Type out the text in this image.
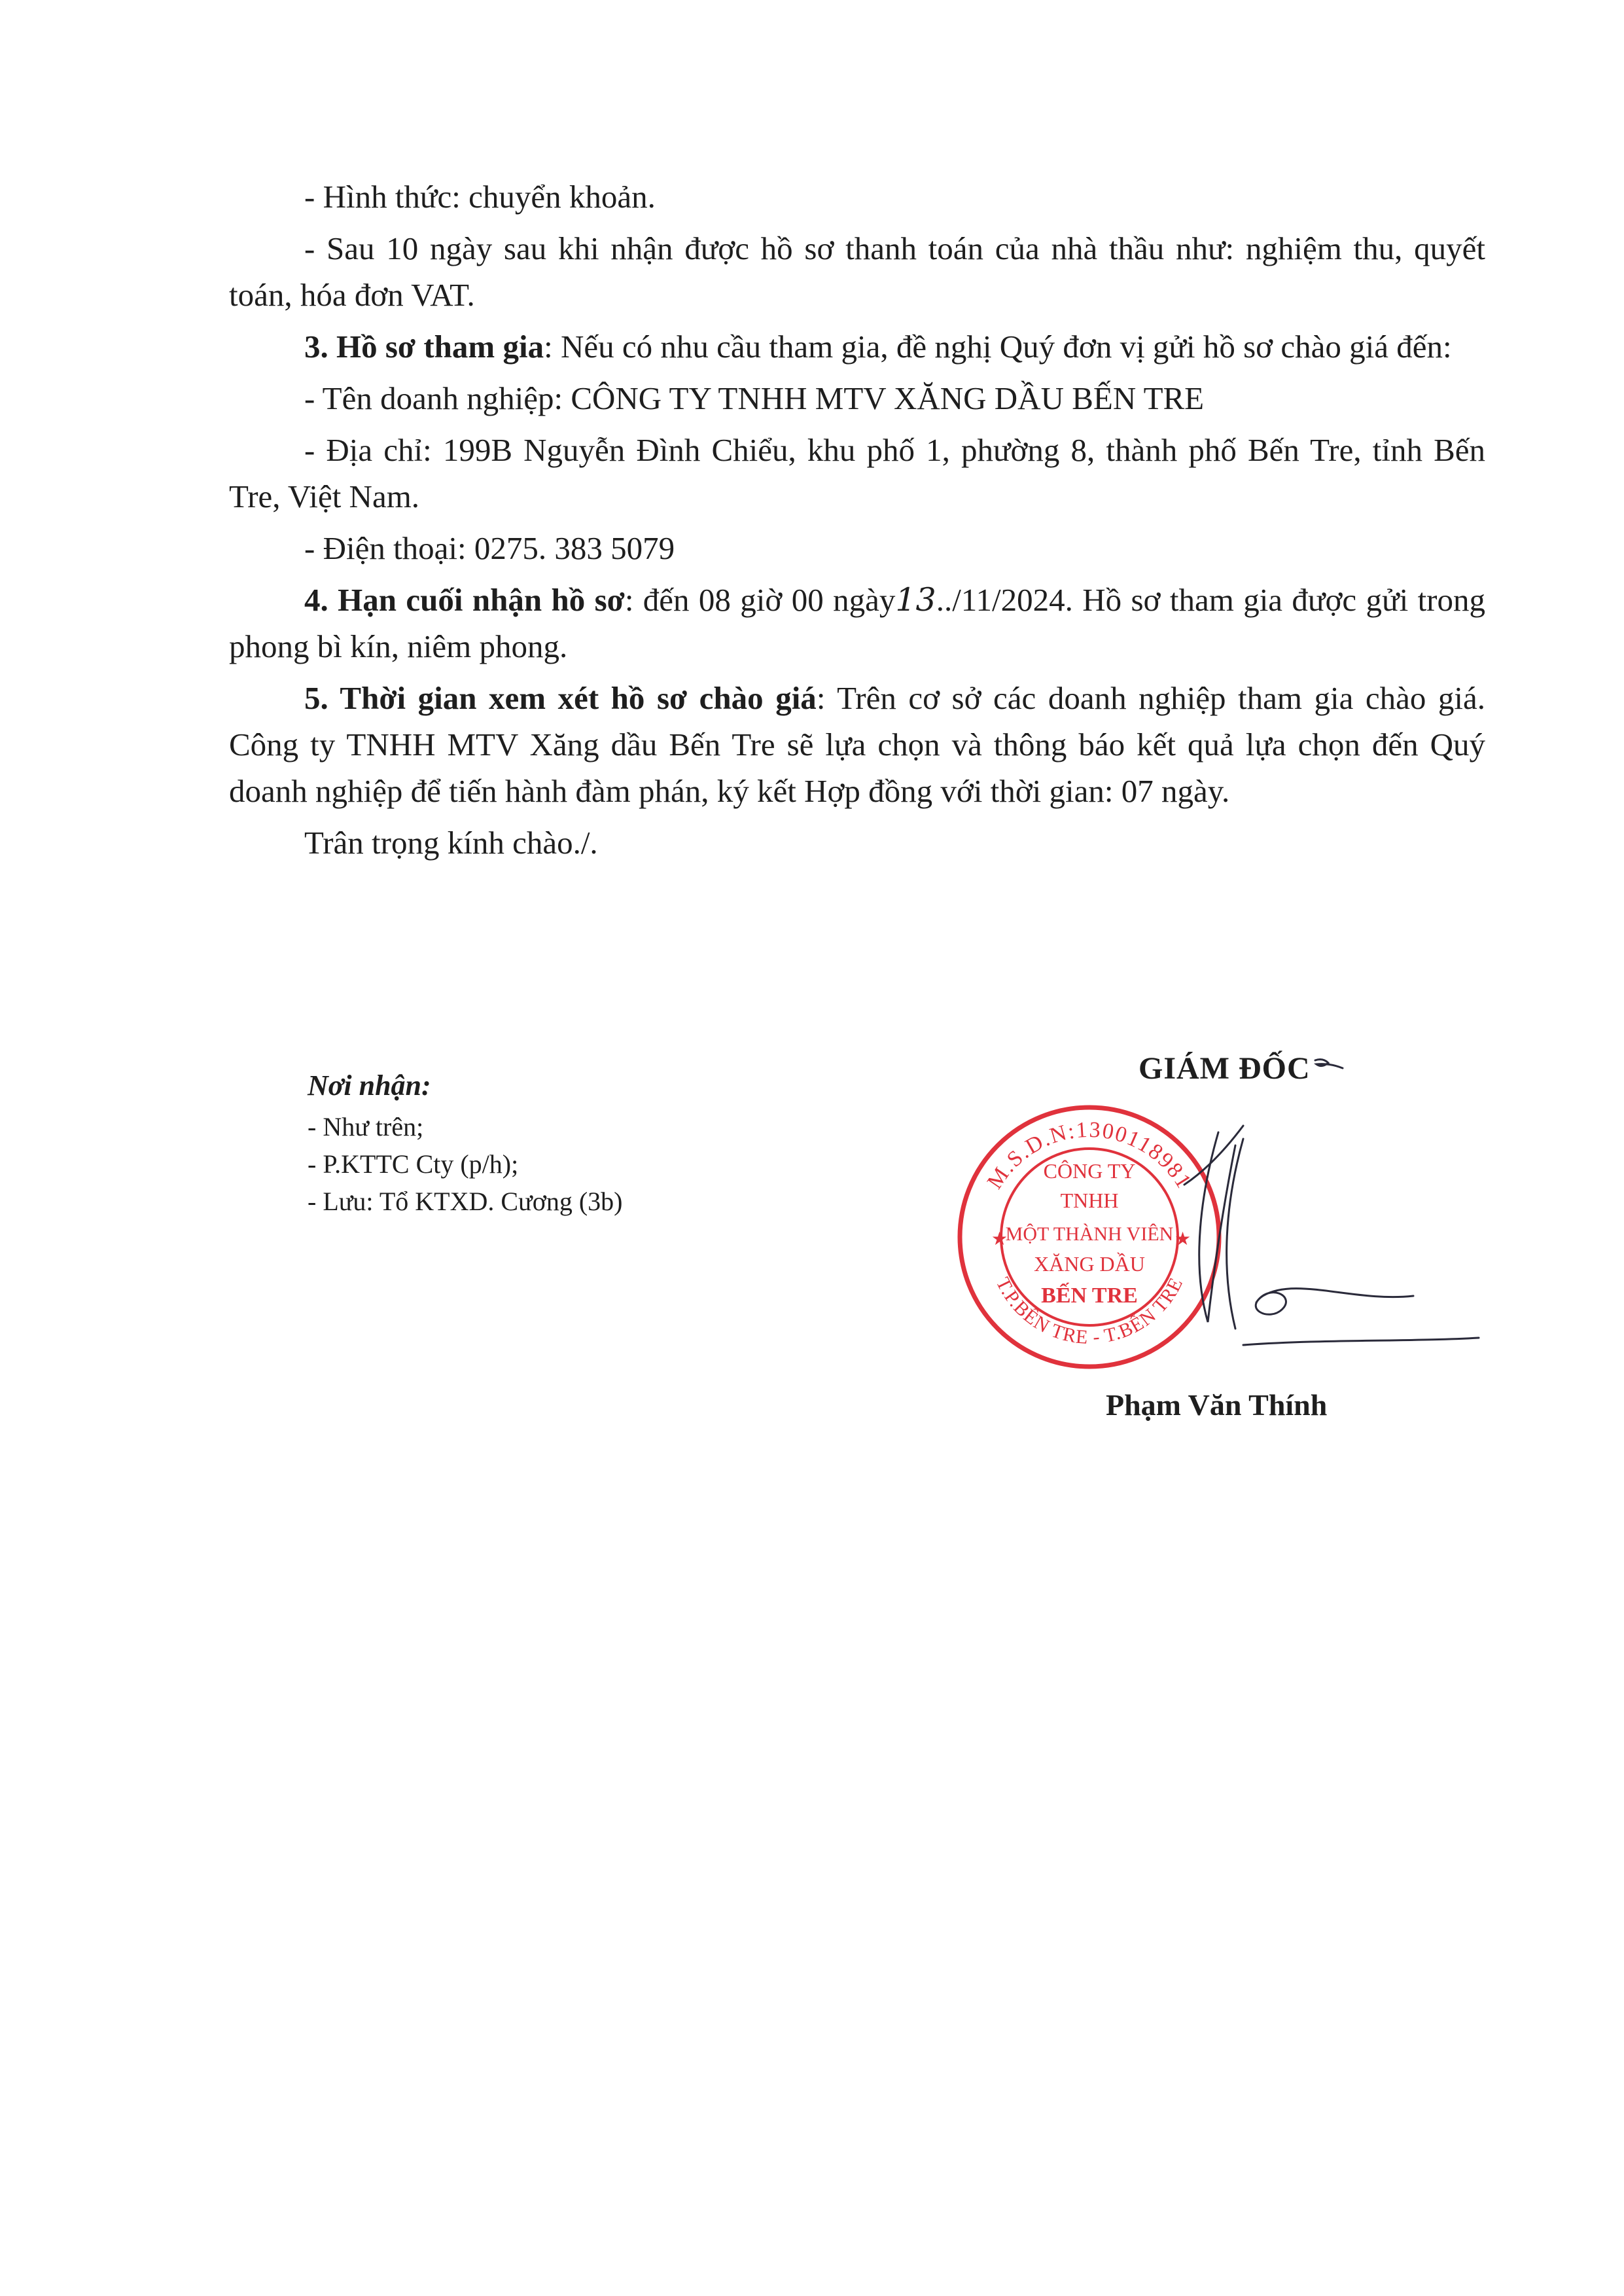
- Hình thức: chuyển khoản.

- Sau 10 ngày sau khi nhận được hồ sơ thanh toán của nhà thầu như: nghiệm thu, quyết toán, hóa đơn VAT.

3. Hồ sơ tham gia: Nếu có nhu cầu tham gia, đề nghị Quý đơn vị gửi hồ sơ chào giá đến:

- Tên doanh nghiệp: CÔNG TY TNHH MTV XĂNG DẦU BẾN TRE

- Địa chỉ: 199B Nguyễn Đình Chiểu, khu phố 1, phường 8, thành phố Bến Tre, tỉnh Bến Tre, Việt Nam.

- Điện thoại: 0275. 383 5079

4. Hạn cuối nhận hồ sơ: đến 08 giờ 00 ngày13../11/2024. Hồ sơ tham gia được gửi trong phong bì kín, niêm phong.

5. Thời gian xem xét hồ sơ chào giá: Trên cơ sở các doanh nghiệp tham gia chào giá. Công ty TNHH MTV Xăng dầu Bến Tre sẽ lựa chọn và thông báo kết quả lựa chọn đến Quý doanh nghiệp để tiến hành đàm phán, ký kết Hợp đồng với thời gian: 07 ngày.

Trân trọng kính chào./.

Nơi nhận:
- Như trên;
- P.KTTC Cty (p/h);
- Lưu: Tổ KTXD. Cương (3b)
GIÁM ĐỐC
M.S.D.N:1300118981
T.P.BẾN TRE - T.BẾN TRE
★	★
CÔNG TY
TNHH
MỘT THÀNH VIÊN
XĂNG DẦU
BẾN TRE
Phạm Văn Thính
